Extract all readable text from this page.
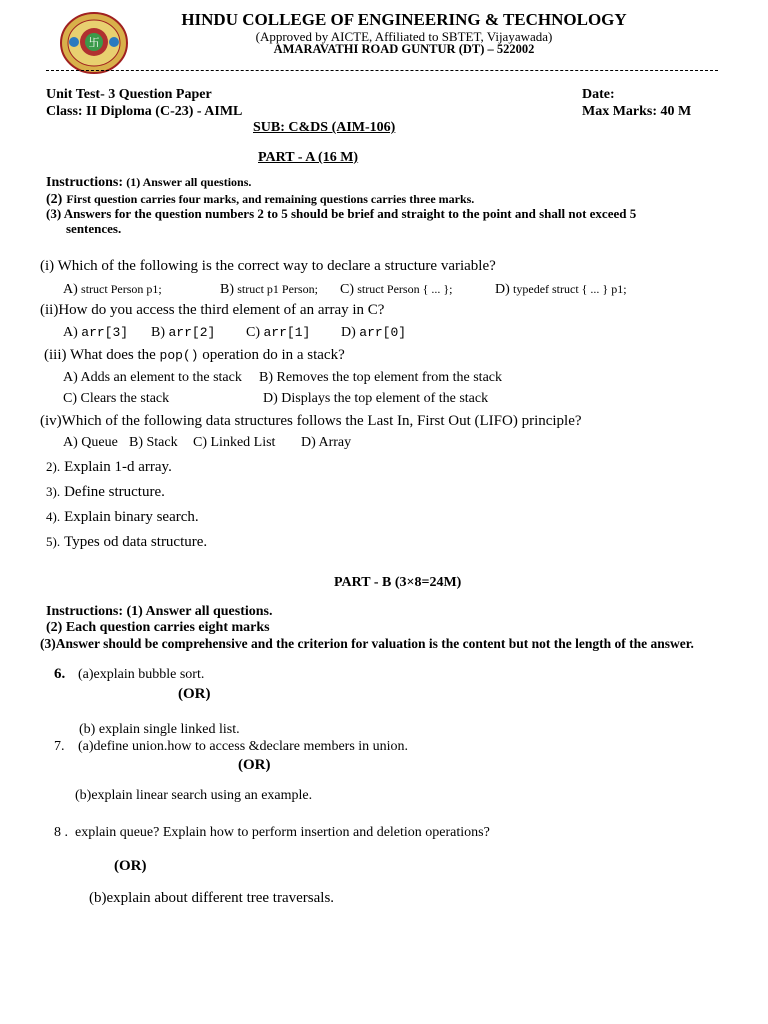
卐
HINDU COLLEGE OF ENGINEERING & TECHNOLOGY
(Approved by AICTE, Affiliated to SBTET, Vijayawada)
AMARAVATHI ROAD GUNTUR (DT) – 522002
Unit Test- 3 Question Paper	Date:
Class: II Diploma (C-23) - AIML	Max Marks: 40 M
SUB: C&DS (AIM-106)
PART - A (16 M)
Instructions: (1) Answer all questions.
(2) First question carries four marks, and remaining questions carries three marks.
(3) Answers for the question numbers 2 to 5 should be brief and straight to the point and shall not exceed 5
sentences.
(i) Which of the following is the correct way to declare a structure variable?
A) struct Person p1;	B) struct p1 Person; C) struct Person { ... };	D) typedef struct { ... } p1;
(ii)How do you access the third element of an array in C?
A) arr[3] B) arr[2] C) arr[1] D) arr[0]
(iii) What does the pop() operation do in a stack?
A) Adds an element to the stack B) Removes the top element from the stack
C) Clears the stack	D) Displays the top element of the stack
(iv)Which of the following data structures follows the Last In, First Out (LIFO) principle?
A) Queue B) Stack C) Linked List D) Array
2). Explain 1-d array.
3). Define structure.
4). Explain binary search.
5). Types od data structure.
PART - B (3×8=24M)
Instructions: (1) Answer all questions.
(2) Each question carries eight marks
(3)Answer should be comprehensive and the criterion for valuation is the content but not the length of the answer.
6. (a)explain bubble sort.
(OR)
(b) explain single linked list.
7. (a)define union.how to access &declare members in union.
(OR)
(b)explain linear search using an example.
8 . explain queue? Explain how to perform insertion and deletion operations?
(OR)
(b)explain about different tree traversals.
